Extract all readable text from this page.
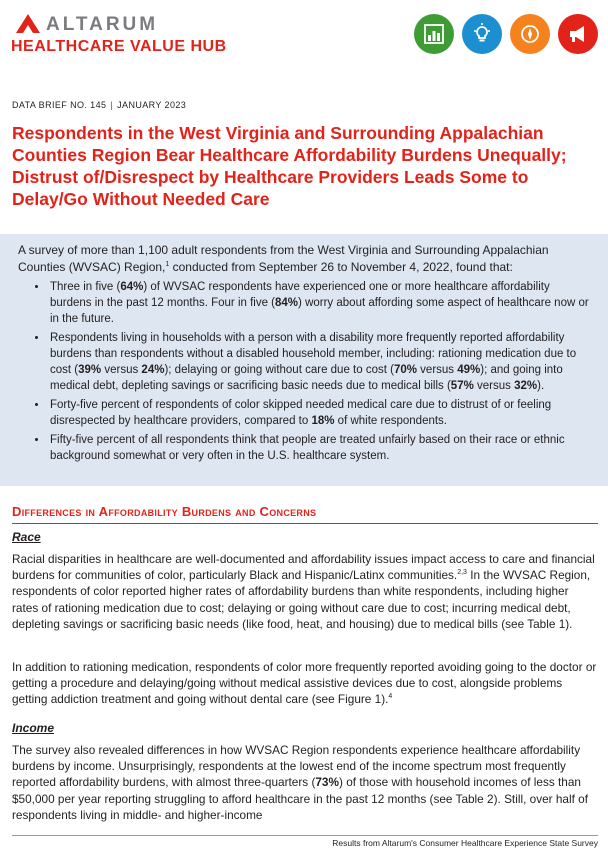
ALTARUM
HEALTHCARE VALUE HUB
DATA BRIEF NO. 145 | JANUARY 2023
Respondents in the West Virginia and Surrounding Appalachian Counties Region Bear Healthcare Affordability Burdens Unequally; Distrust of/Disrespect by Healthcare Providers Leads Some to Delay/Go Without Needed Care

A survey of more than 1,100 adult respondents from the West Virginia and Surrounding Appalachian Counties (WVSAC) Region,$^1$ conducted from September 26 to November 4, 2022, found that:

• Three in five (64%) of WVSAC respondents have experienced one or more healthcare affordability burdens in the past 12 months. Four in five (84%) worry about affording some aspect of healthcare now or in the future.
• Respondents living in households with a person with a disability more frequently reported affordability burdens than respondents without a disabled household member, including: rationing medication due to cost (39% versus 24%); delaying or going without care due to cost (70% versus 49%); and going into medical debt, depleting savings or sacrificing basic needs due to medical bills (57% versus 32%).
• Forty-five percent of respondents of color skipped needed medical care due to distrust of or feeling disrespected by healthcare providers, compared to 18% of white respondents.
• Fifty-five percent of all respondents think that people are treated unfairly based on their race or ethnic background somewhat or very often in the U.S. healthcare system.
Differences in Affordability Burdens and Concerns
Race

Racial disparities in healthcare are well-documented and affordability issues impact access to care and financial burdens for communities of color, particularly Black and Hispanic/Latinx communities.$^{2,3}$ In the WVSAC Region, respondents of color reported higher rates of affordability burdens than white respondents, including higher rates of rationing medication due to cost; delaying or going without care due to cost; incurring medical debt, depleting savings or sacrificing basic needs (like food, heat, and housing) due to medical bills (see Table 1).

In addition to rationing medication, respondents of color more frequently reported avoiding going to the doctor or getting a procedure and delaying/going without medical assistive devices due to cost, alongside problems getting addiction treatment and going without dental care (see Figure 1).$^4$

Income

The survey also revealed differences in how WVSAC Region respondents experience healthcare affordability burdens by income. Unsurprisingly, respondents at the lowest end of the income spectrum most frequently reported affordability burdens, with almost three-quarters (73%) of those with household incomes of less than $50,000 per year reporting struggling to afford healthcare in the past 12 months (see Table 2). Still, over half of respondents living in middle- and higher-income

Results from Altarum's Consumer Healthcare Experience State Survey
